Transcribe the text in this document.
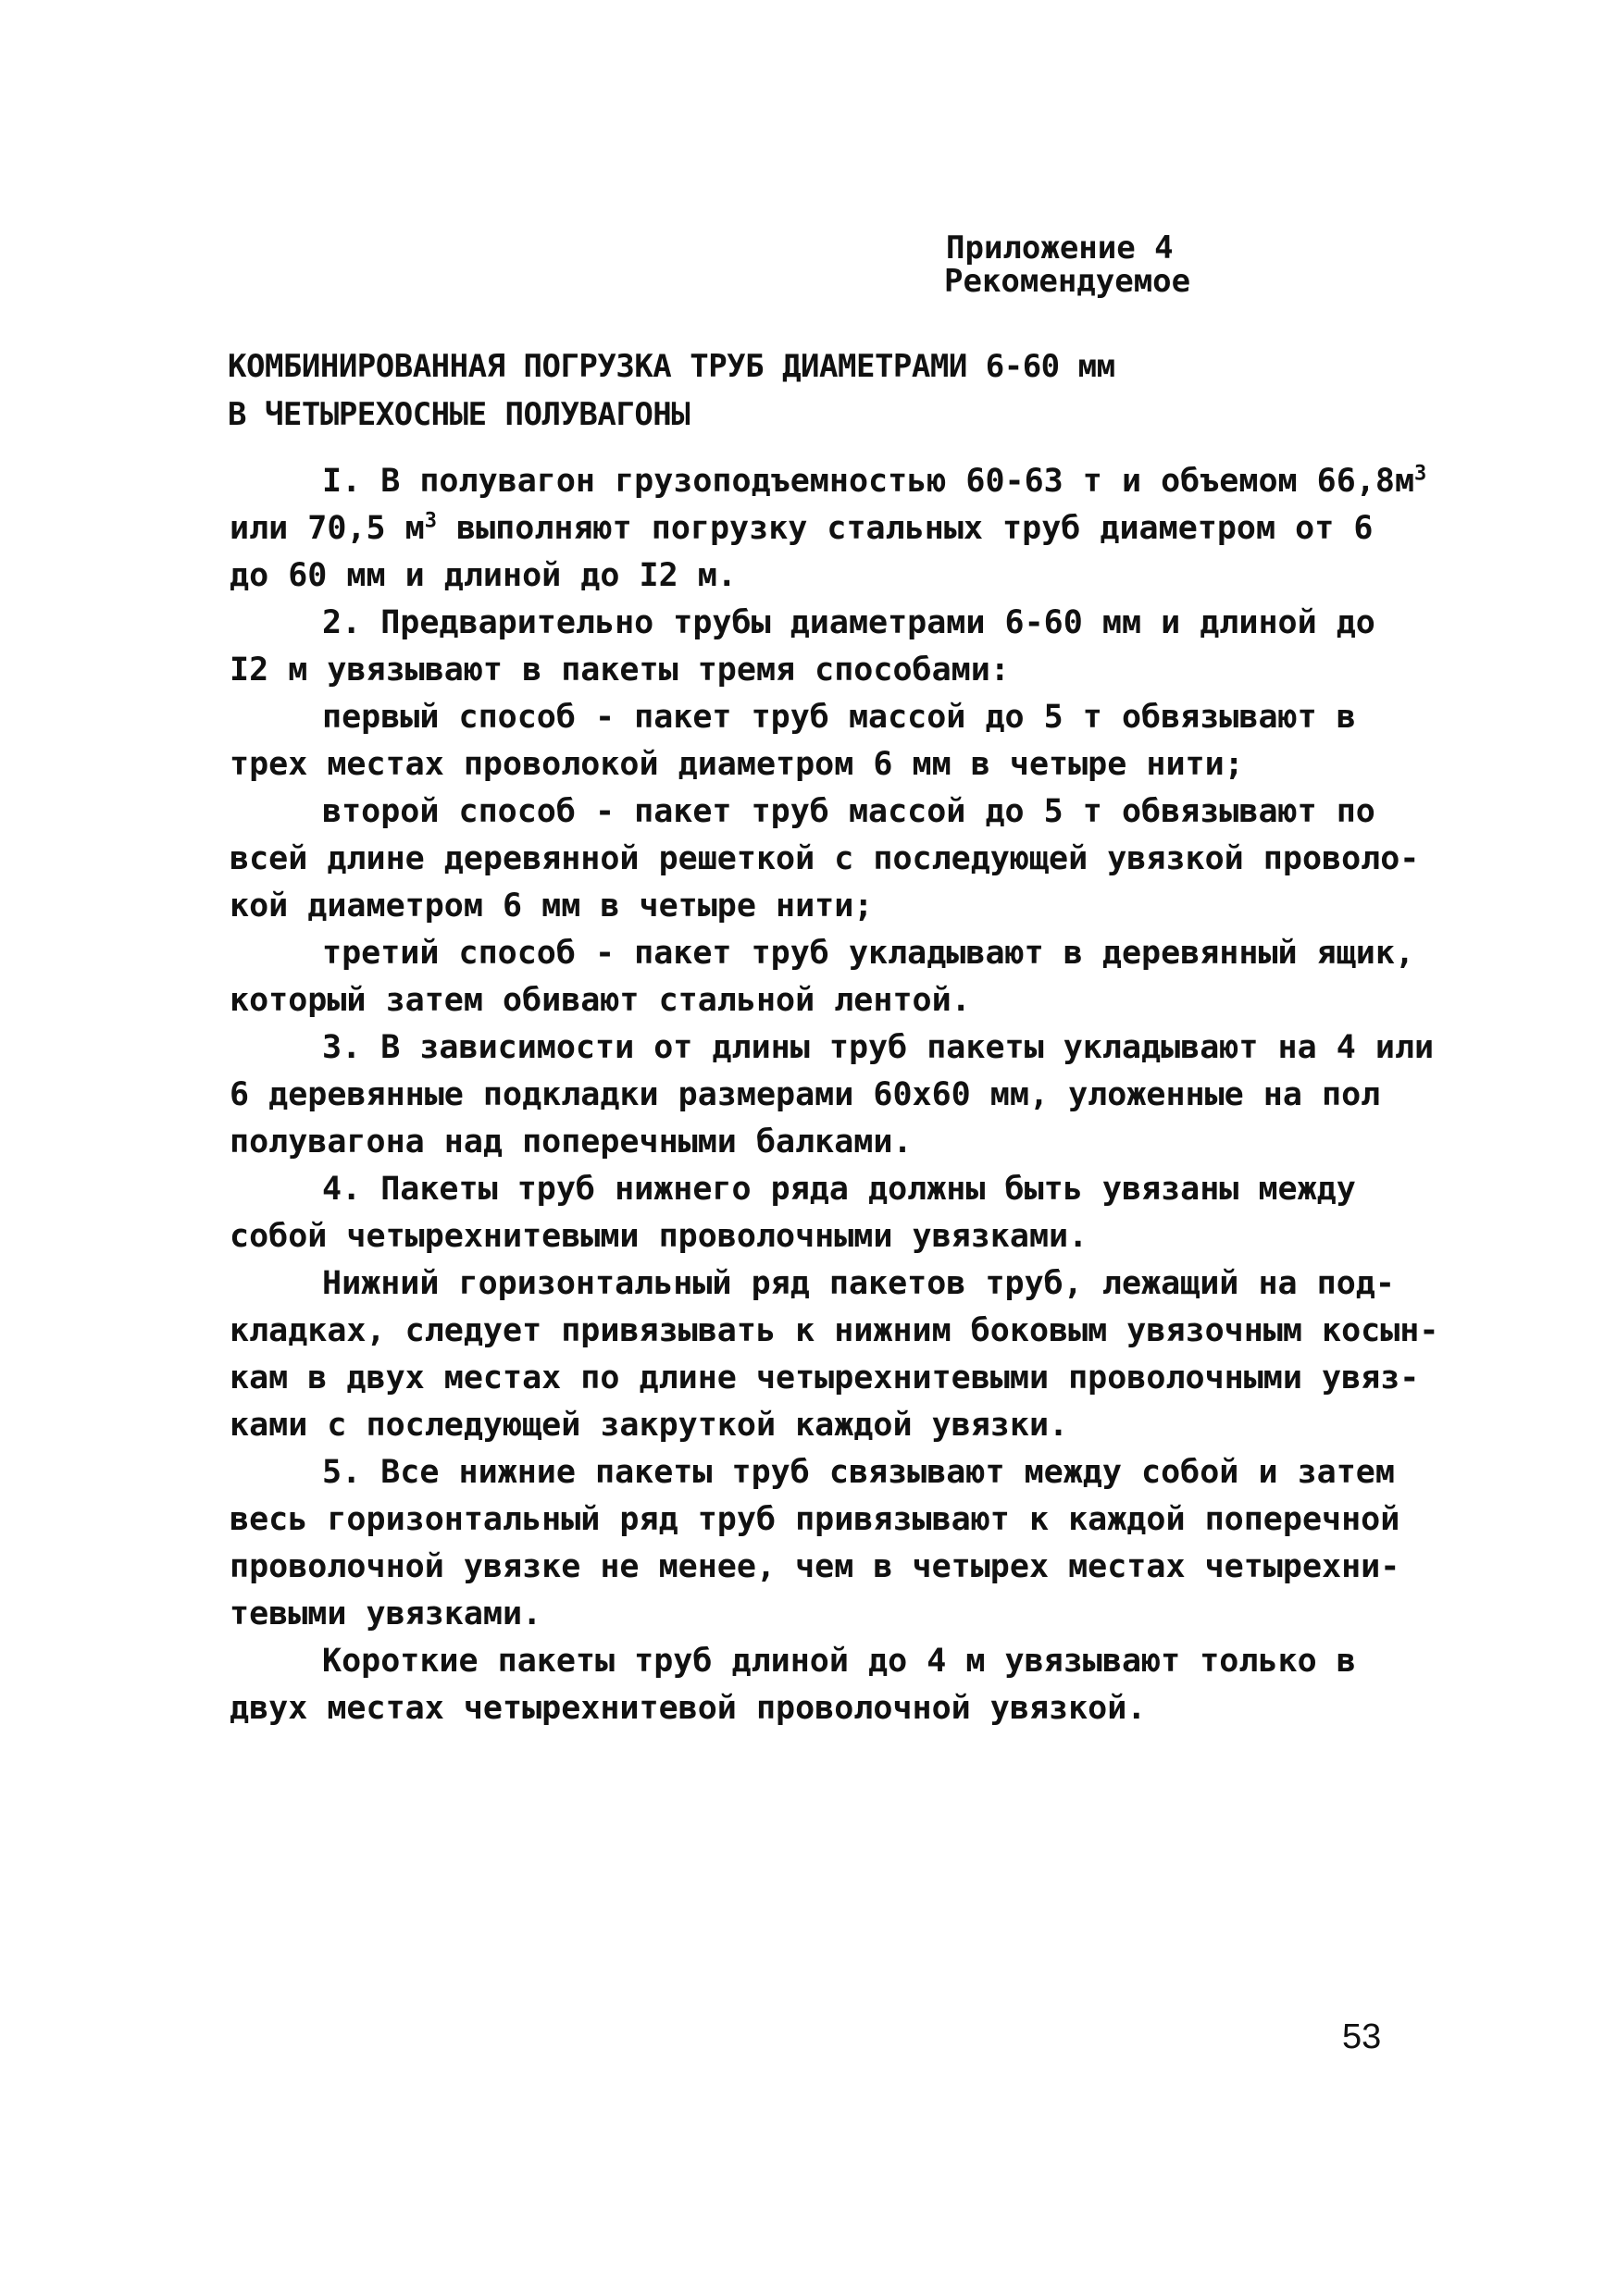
Приложение 4
Рекомендуемое
КОМБИНИРОВАННАЯ ПОГРУЗКА ТРУБ ДИАМЕТРАМИ 6-60 мм
В ЧЕТЫРЕХОСНЫЕ ПОЛУВАГОНЫ
I. В полувагон грузоподъемностью 60-63 т и объемом $66,8м^3$
или 70,5 $м^3$ выполняют погрузку стальных труб диаметром от 6
до 60 мм и длиной до I2 м.
2. Предварительно трубы диаметрами 6-60 мм и длиной до
I2 м увязывают в пакеты тремя способами:
первый способ - пакет труб массой до 5 т обвязывают в
трех местах проволокой диаметром 6 мм в четыре нити;
второй способ - пакет труб массой до 5 т обвязывают по
всей длине деревянной решеткой с последующей увязкой проволо-
кой диаметром 6 мм в четыре нити;
третий способ - пакет труб укладывают в деревянный ящик,
который затем обивают стальной лентой.
3. В зависимости от длины труб пакеты укладывают на 4 или
6 деревянные подкладки размерами 60х60 мм, уложенные на пол
полувагона над поперечными балками.
4. Пакеты труб нижнего ряда должны быть увязаны между
собой четырехнитевыми проволочными увязками.
Нижний горизонтальный ряд пакетов труб, лежащий на под-
кладках, следует привязывать к нижним боковым увязочным косын-
кам в двух местах по длине четырехнитевыми проволочными увяз-
ками с последующей закруткой каждой увязки.
5. Все нижние пакеты труб связывают между собой и затем
весь горизонтальный ряд труб привязывают к каждой поперечной
проволочной увязке не менее, чем в четырех местах четырехни-
тевыми увязками.
Короткие пакеты труб длиной до 4 м увязывают только в
двух местах четырехнитевой проволочной увязкой.
53
